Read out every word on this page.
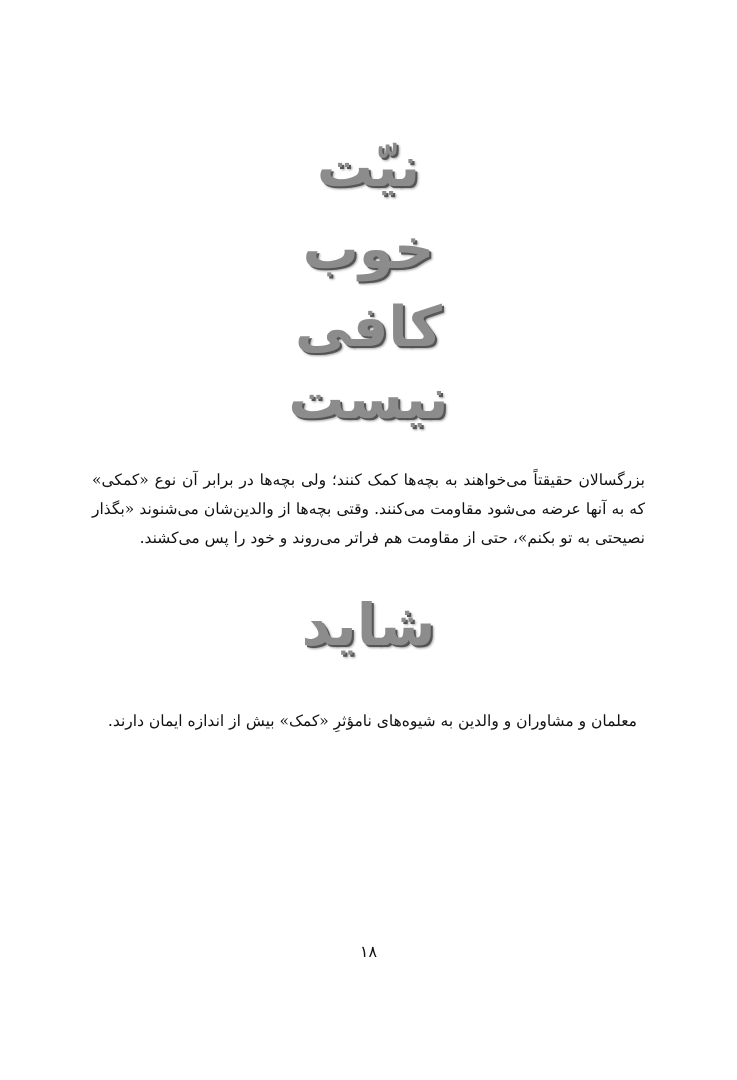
نیّت
خوب
کافی
نیست

بزرگسالان حقیقتاً می‌خواهند به بچه‌ها کمک کنند؛ ولی بچه‌ها در برابر آن نوع «کمکی» که به آنها عرضه می‌شود مقاومت می‌کنند. وقتی بچه‌ها از والدین‌شان می‌شنوند «بگذار نصیحتی به تو بکنم»، حتی از مقاومت هم فراتر می‌روند و خود را پس می‌کشند.

شاید

معلمان و مشاوران و والدین به شیوه‌های نامؤثرِ «کمک» بیش از اندازه ایمان دارند.

۱۸
